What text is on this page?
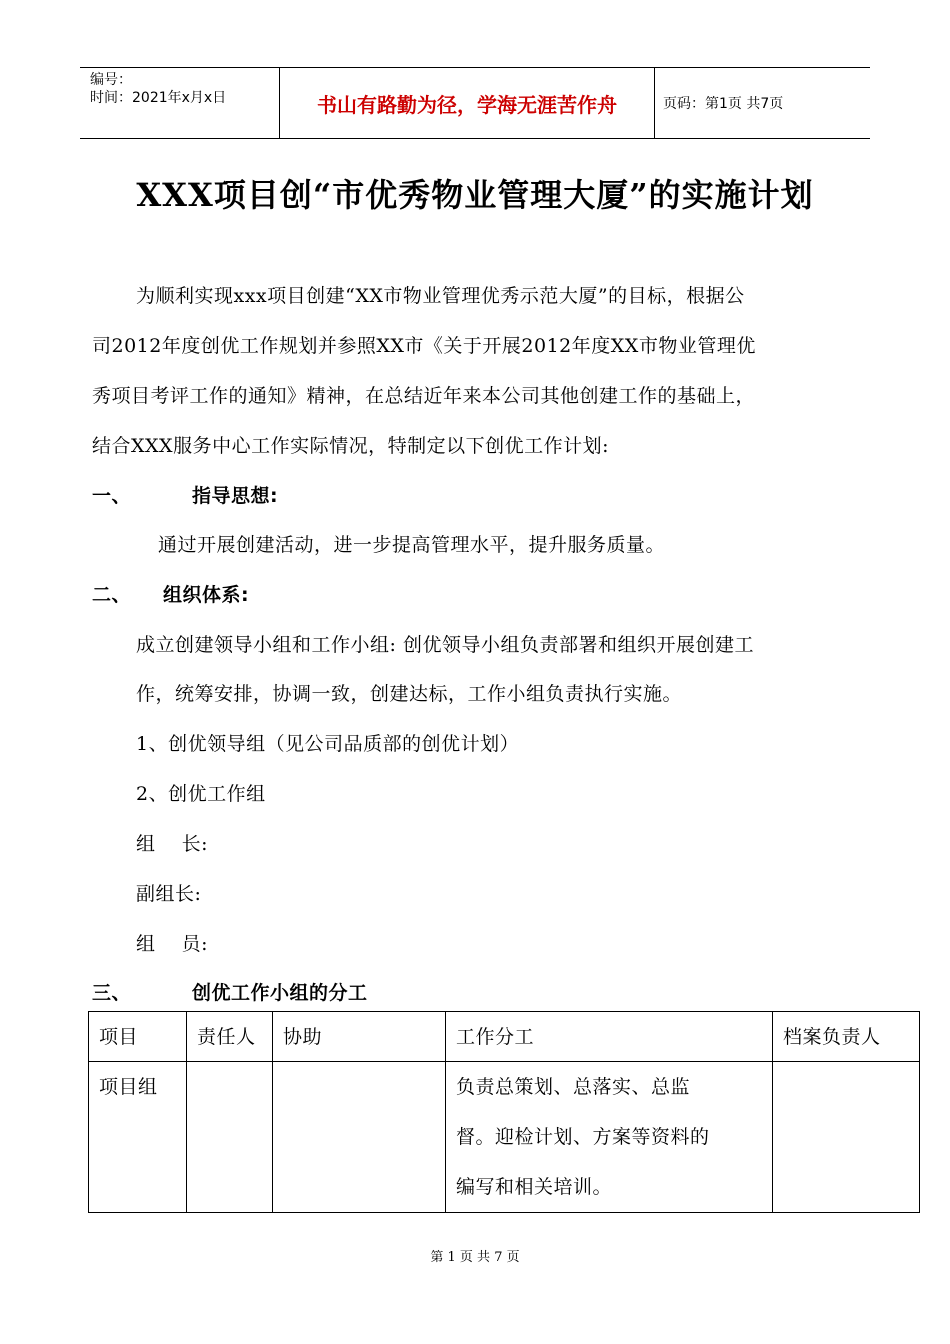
编号：
时间：2021年x月x日	书山有路勤为径，学海无涯苦作舟	页码：第1页 共7页
XXX项目创“市优秀物业管理大厦”的实施计划
为顺利实现xxx项目创建“XX市物业管理优秀示范大厦”的目标，根据公
司2012年度创优工作规划并参照XX市《关于开展2012年度XX市物业管理优
秀项目考评工作的通知》精神，在总结近年来本公司其他创建工作的基础上，
结合XXX服务中心工作实际情况，特制定以下创优工作计划:
一、	指导思想:
通过开展创建活动，进一步提高管理水平，提升服务质量。
二、 组织体系:
成立创建领导小组和工作小组: 创优领导小组负责部署和组织开展创建工
作，统筹安排，协调一致，创建达标，工作小组负责执行实施。
1、创优领导组（见公司品质部的创优计划）
2、创优工作组
组    长:
副组长:
组    员:
三、	创优工作小组的分工
项目	责任人	协助	工作分工	档案负责人
项目组			负责总策划、总落实、总监
督。迎检计划、方案等资料的
编写和相关培训。	

第 1 页 共 7 页
